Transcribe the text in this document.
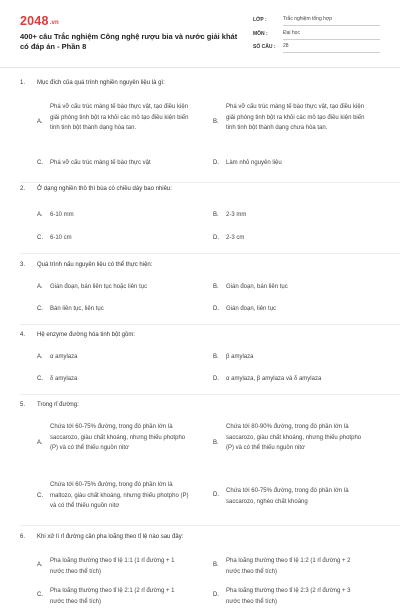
2048.vn
400+ câu Trắc nghiệm Công nghệ rượu bia và nước giải khát có đáp án - Phần 8
LỚP :	Trắc nghiệm tổng hợp
MÔN :	Đại học
SỐ CÂU : 28
1. Mục đích của quá trình nghiền nguyên liệu là gì:
A.
Phá vỡ cấu trúc màng tế bào thực vật, tạo điều kiện giải phóng tinh bột ra khỏi các mô tạo điều kiện biến tinh tinh bột thành dạng hòa tan.
B.
Phá vỡ cấu trúc màng tế bào thực vật, tạo điều kiện giải phóng tinh bột ra khỏi các mô tạo điều kiện biến tinh tinh bột thành dạng chưa hòa tan.
C. Phá vỡ cấu trúc màng tế bào thực vật	D. Làm nhỏ nguyên liệu
2. Ở dạng nghiền thô thì bùa có chiều dày bao nhiêu:
A. 6-10 mm	B. 2-3 mm
C. 6-10 cm	D. 2-3 cm
3. Quá trình nấu nguyên liệu có thể thực hiện:
A. Gián đoạn, bán liên tục hoặc liên tục	B. Gián đoạn, bán liên tục
C. Bán liên tục, liên tục	D. Gián đoạn, liên tục
4. Hệ enzyme đường hóa tinh bột gồm:
A. α amylaza	B. β amylaza
C. δ amylaza	D. α amylaza, β amylaza và δ amylaza
5. Trong rỉ đường:
A.
Chứa tới 60-75% đường, trong đó phần lớn là saccarozo, giàu chất khoáng, nhưng thiếu photpho (P) và có thể thiếu nguồn nitơ
B.
Chứa tới 80-90% đường, trong đó phần lớn là saccarozo, giàu chất khoáng, nhưng thiếu photpho (P) và có thể thiếu nguồn nitơ
C.
Chứa tới 60-75% đường, trong đó phần lớn là maltozo, giàu chất khoáng, nhưng thiếu photpho (P) và có thể thiếu nguồn nitơ
D.
Chứa tới 60-75% đường, trong đó phần lớn là saccarozo, nghèo chất khoáng
6. Khi xử lí rỉ đường cần pha loãng theo tỉ lệ nào sau đây:
A.
Pha loãng thường theo tỉ lệ 1:1 (1 rỉ đường + 1 nước theo thể tích)
B.
Pha loãng thường theo tỉ lệ 1:2 (1 rỉ đường + 2 nước theo thể tích)
C.
Pha loãng thường theo tỉ lệ 2:1 (2 rỉ đường + 1 nước theo thể tích)
D.
Pha loãng thường theo tỉ lệ 2:3 (2 rỉ đường + 3 nước theo thể tích)
